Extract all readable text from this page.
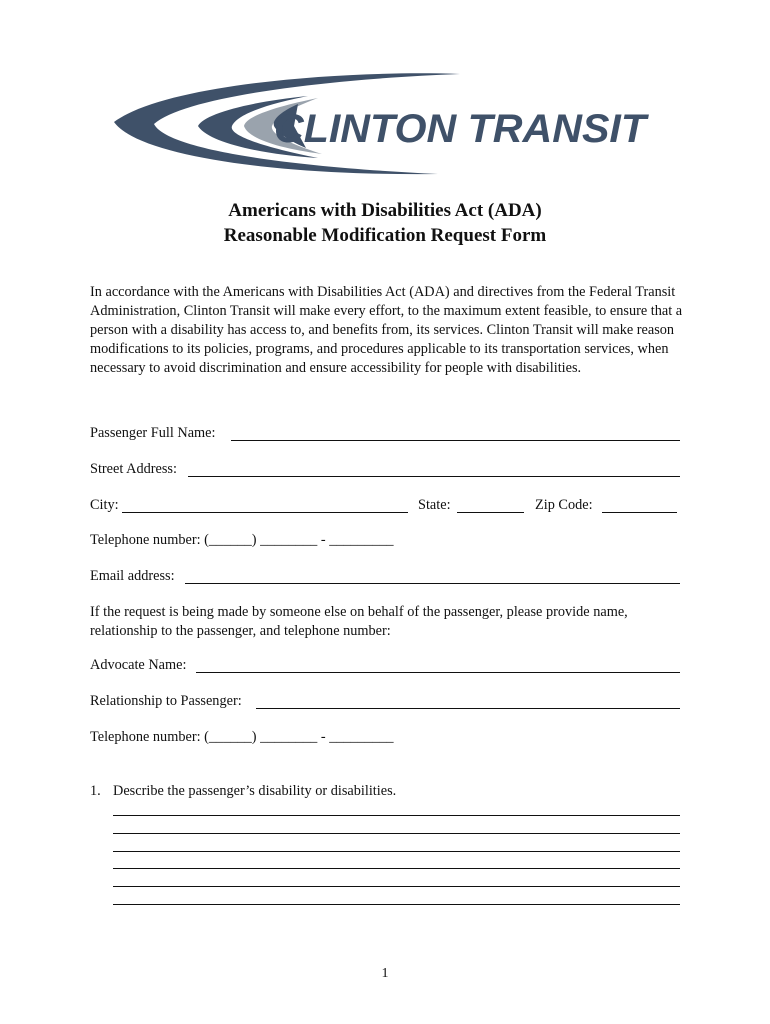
CLINTON TRANSIT
Americans with Disabilities Act (ADA)
Reasonable Modification Request Form
In accordance with the Americans with Disabilities Act (ADA) and directives from the Federal Transit Administration, Clinton Transit will make every effort, to the maximum extent feasible, to ensure that a person with a disability has access to, and benefits from, its services. Clinton Transit will make reason modifications to its policies, programs, and procedures applicable to its transportation services, when necessary to avoid discrimination and ensure accessibility for people with disabilities.
Passenger Full Name:
Street Address:
City:	State:	Zip Code:
Telephone number: (______) ________ - _________
Email address:
If the request is being made by someone else on behalf of the passenger, please provide name, relationship to the passenger, and telephone number:
Advocate Name:
Relationship to Passenger:
Telephone number: (______) ________ - _________
1. Describe the passenger’s disability or disabilities.
1
